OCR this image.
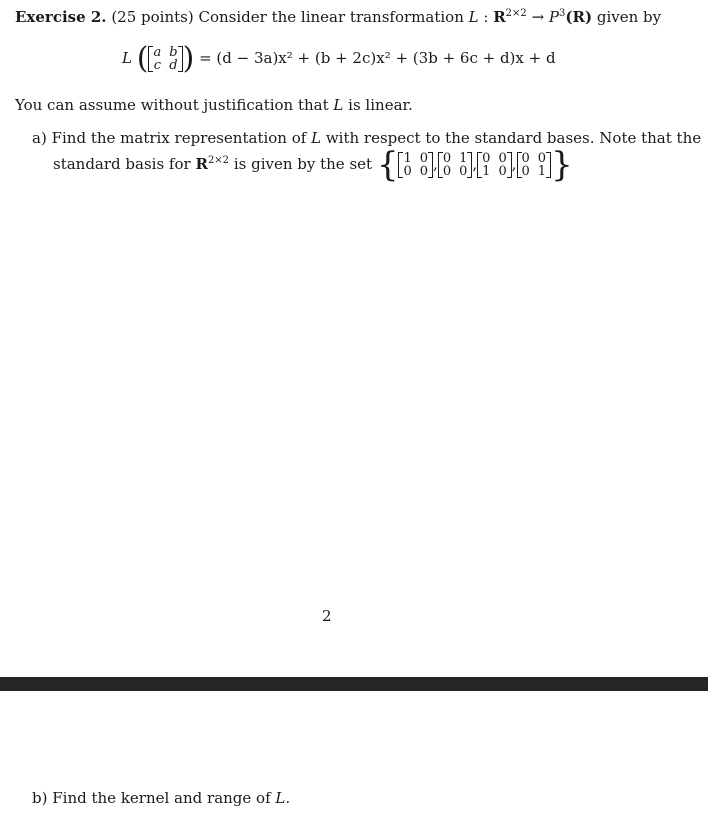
Exercise 2. (25 points) Consider the linear transformation L : $R^{2\times 2} \to P^3(R)$ given by
L ( a b
c d ) = (d − 3a)x² + (b + 2c)x² + (3b + 6c + d)x + d
You can assume without justification that L is linear.
a) Find the matrix representation of L with respect to the standard bases. Note that the
standard basis for $R^{2\times 2}$ is given by the set { 1 0
0 0 , 0 1
0 0 , 0 0
1 0 , 0 0
0 1 }
2
b) Find the kernel and range of L.
